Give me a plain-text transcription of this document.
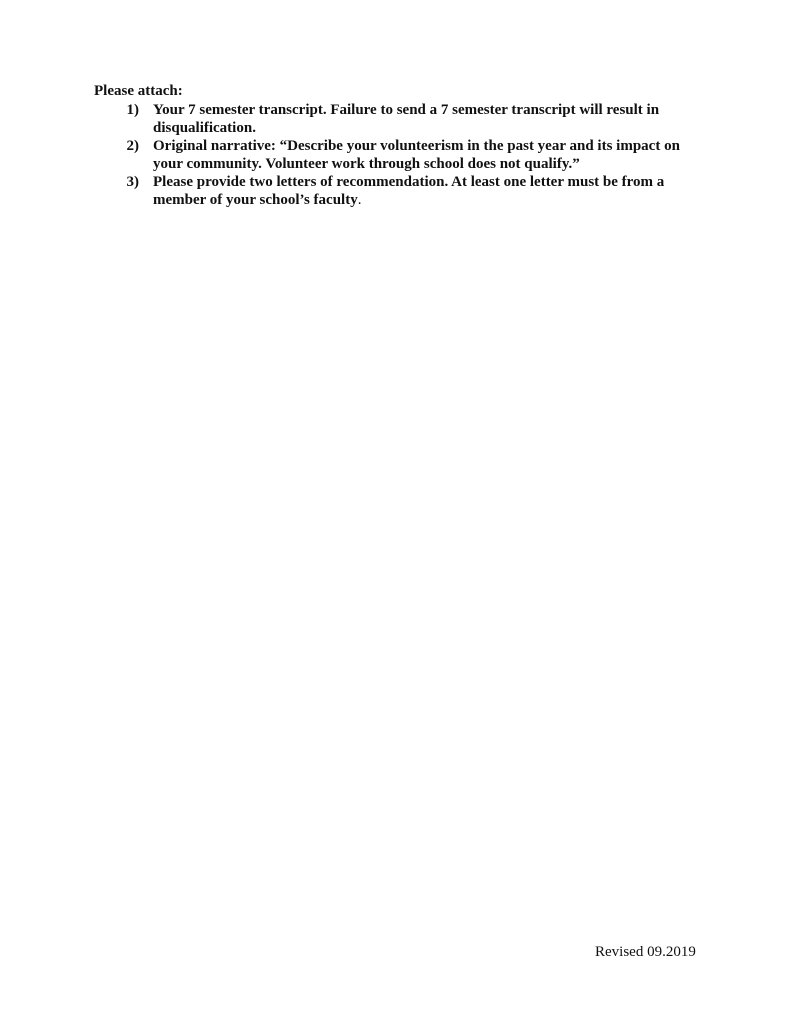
Please attach:
1) Your 7 semester transcript. Failure to send a 7 semester transcript will result in
disqualification.
2) Original narrative: “Describe your volunteerism in the past year and its impact on
your community. Volunteer work through school does not qualify.”
3) Please provide two letters of recommendation. At least one letter must be from a
member of your school’s faculty.
Revised 09.2019
